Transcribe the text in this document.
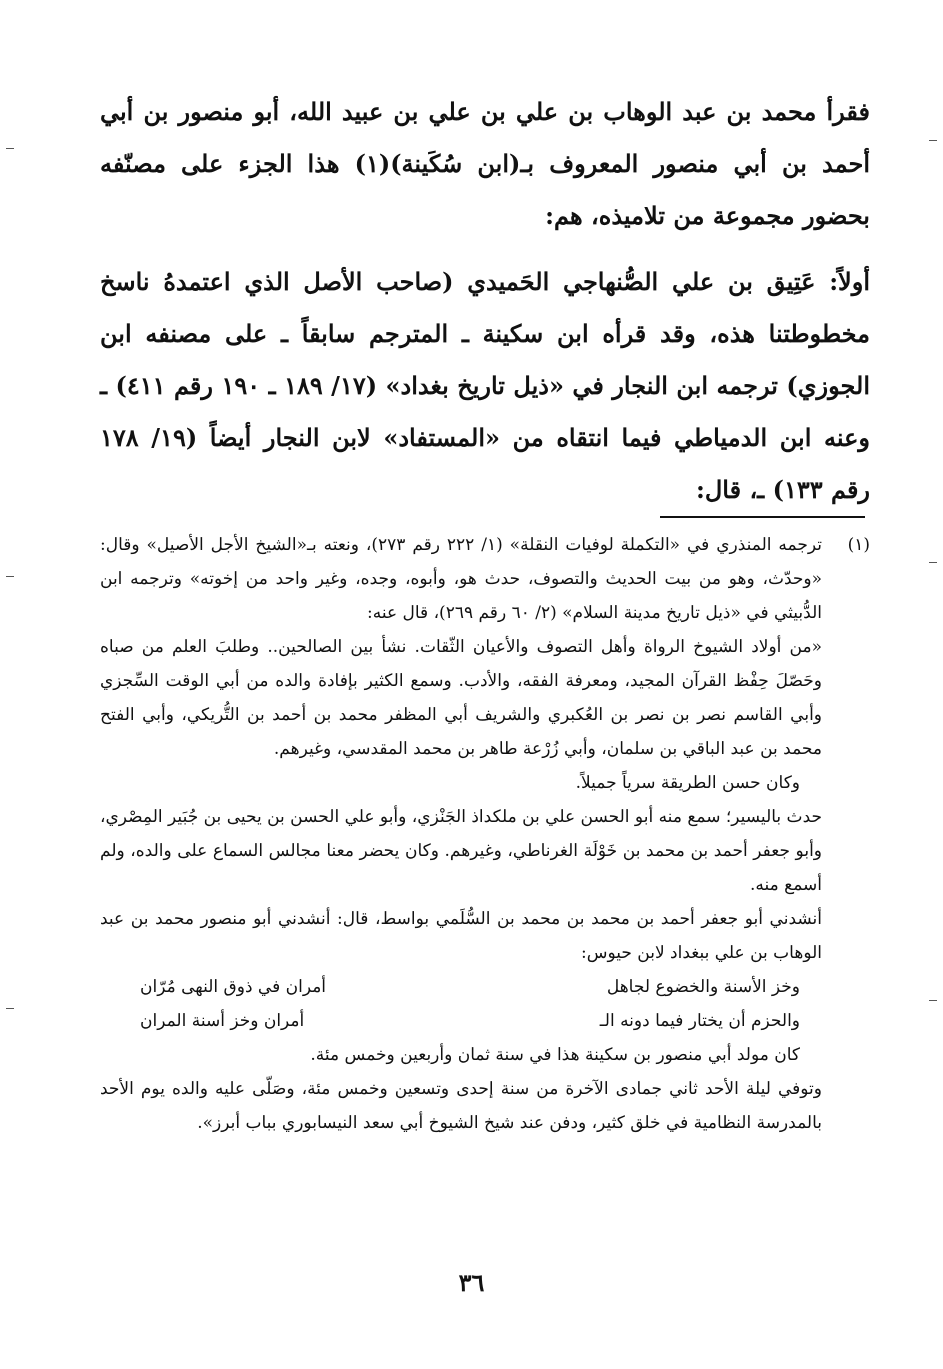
فقرأ محمد بن عبد الوهاب بن علي بن علي بن عبيد الله، أبو منصور بن أبي أحمد بن أبي منصور المعروف بـ(ابن سُكَينة)(١) هذا الجزء على مصنّفه بحضور مجموعة من تلاميذه، هم:

أولاً: عَتِيق بن علي الصُّنهاجي الحَميدي (صاحب الأصل الذي اعتمدهُ ناسخ مخطوطتنا هذه، وقد قرأه ابن سكينة ـ المترجم سابقاً ـ على مصنفه ابن الجوزي) ترجمه ابن النجار في «ذيل تاريخ بغداد» (١٧/ ١٨٩ ـ ١٩٠ رقم ٤١١) ـ وعنه ابن الدمياطي فيما انتقاه من «المستفاد» لابن النجار أيضاً (١٩/ ١٧٨ رقم ١٣٣) ـ، قال:

(١)
ترجمه المنذري في «التكملة لوفيات النقلة» (١/ ٢٢٢ رقم ٢٧٣)، ونعته بـ«الشيخ الأجل الأصيل» وقال: «وحدّث، وهو من بيت الحديث والتصوف، حدث هو، وأبوه، وجده، وغير واحد من إخوته» وترجمه ابن الدُّبيثي في «ذيل تاريخ مدينة السلام» (٢/ ٦٠ رقم ٢٦٩)، قال عنه:

«من أولاد الشيوخ الرواة وأهل التصوف والأعيان الثّقات. نشأ بين الصالحين.. وطلبَ العلم من صباه وحَصّلَ حِفْظ القرآن المجيد، ومعرفة الفقه، والأدب. وسمع الكثير بإفادة والده من أبي الوقت السِّجزي وأبي القاسم نصر بن نصر بن العُكبري والشريف أبي المظفر محمد بن أحمد بن التُّريكي، وأبي الفتح محمد بن عبد الباقي بن سلمان، وأبي زُرْعة طاهر بن محمد المقدسي، وغيرهم.

وكان حسن الطريقة سرياً جميلاً.

حدث باليسير؛ سمع منه أبو الحسن علي بن ملكداذ الجَنْزي، وأبو علي الحسن بن يحيى بن جُبَير المِصْري، وأبو جعفر أحمد بن محمد بن خَوْلَة الغرناطي، وغيرهم. وكان يحضر معنا مجالس السماع على والده، ولم أسمع منه.

أنشدني أبو جعفر أحمد بن محمد بن محمد بن السُّلَمي بواسط، قال: أنشدني أبو منصور محمد بن عبد الوهاب بن علي ببغداد لابن حيوس:

وخز الأسنة والخضوع لجاهل
أمران في ذوق النهى مُرّان
والحزم أن يختار فيما دونه الـ
أمران وخز أسنة المران

كان مولد أبي منصور بن سكينة هذا في سنة ثمان وأربعين وخمس مئة.

وتوفي ليلة الأحد ثاني جمادى الآخرة من سنة إحدى وتسعين وخمس مئة، وصَلّى عليه والده يوم الأحد بالمدرسة النظامية في خلق كثير، ودفن عند شيخ الشيوخ أبي سعد النيسابوري بباب أبرز».

٣٦
